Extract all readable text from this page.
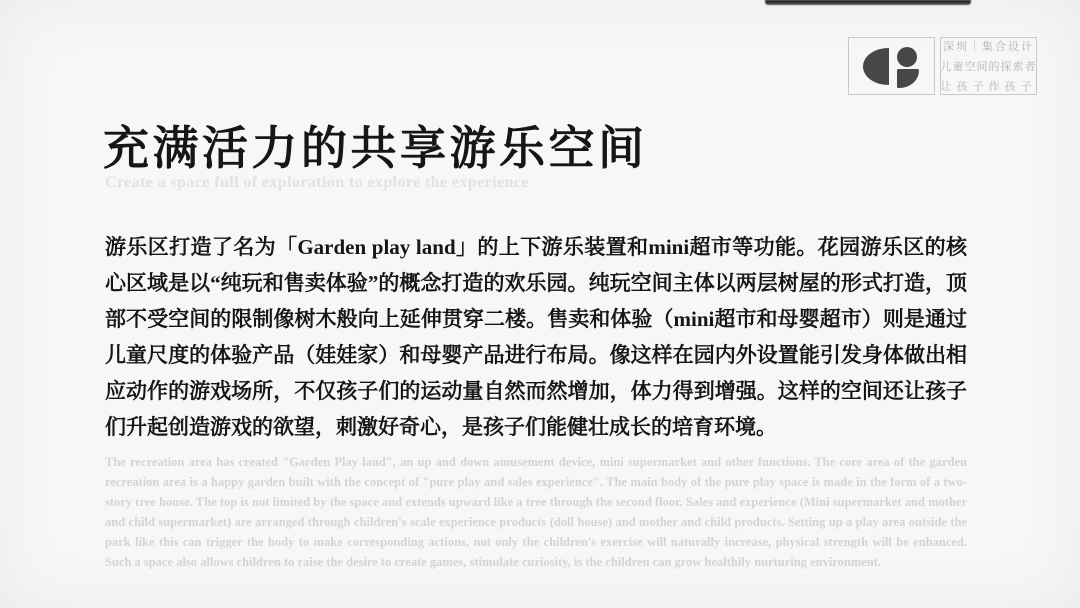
深圳｜集合设计
儿童空间的探索者
让孩子作孩子
充满活力的共享游乐空间
Create a space full of exploration to explore the experience

游乐区打造了名为「Garden play land」的上下游乐装置和mini超市等功能。花园游乐区的核心区域是以“纯玩和售卖体验”的概念打造的欢乐园。纯玩空间主体以两层树屋的形式打造，顶部不受空间的限制像树木般向上延伸贯穿二楼。售卖和体验（mini超市和母婴超市）则是通过儿童尺度的体验产品（娃娃家）和母婴产品进行布局。像这样在园内外设置能引发身体做出相应动作的游戏场所，不仅孩子们的运动量自然而然增加，体力得到增强。这样的空间还让孩子们升起创造游戏的欲望，刺激好奇心，是孩子们能健壮成长的培育环境。

The recreation area has created "Garden Play land", an up and down amusement device, mini supermarket and other functions. The core area of the garden recreation area is a happy garden built with the concept of "pure play and sales experience". The main body of the pure play space is made in the form of a two-story tree house. The top is not limited by the space and extends upward like a tree through the second floor. Sales and experience (Mini supermarket and mother and child supermarket) are arranged through children's scale experience products (doll house) and mother and child products. Setting up a play area outside the park like this can trigger the body to make corresponding actions, not only the children's exercise will naturally increase, physical strength will be enhanced. Such a space also allows children to raise the desire to create games, stimulate curiosity, is the children can grow healthily nurturing environment.
